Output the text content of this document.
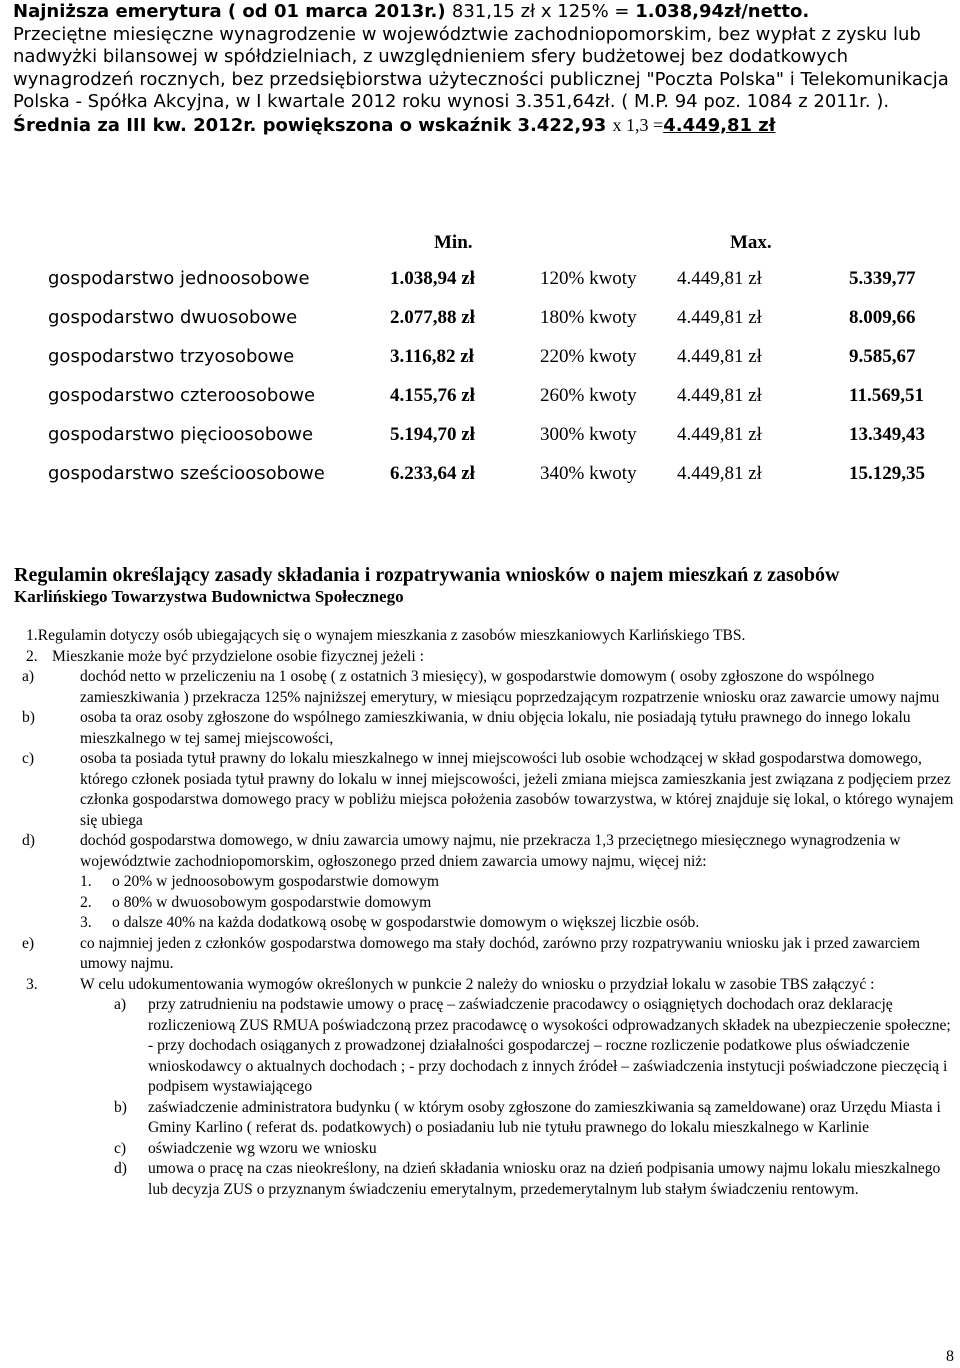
Najniższa emerytura ( od 01 marca 2013r.) 831,15 zł x 125% = 1.038,94zł/netto.
Przeciętne miesięczne wynagrodzenie w województwie zachodniopomorskim, bez wypłat z zysku lub
nadwyżki bilansowej w spółdzielniach, z uwzględnieniem sfery budżetowej bez dodatkowych
wynagrodzeń rocznych, bez przedsiębiorstwa użyteczności publicznej "Poczta Polska" i Telekomunikacja
Polska - Spółka Akcyjna, w I kwartale 2012 roku wynosi 3.351,64zł. ( M.P. 94 poz. 1084 z 2011r. ).
Średnia za III kw. 2012r. powiększona o wskaźnik 3.422,93 x 1,3 =4.449,81 zł
Min.	Max.
gospodarstwo jednoosobowe	1.038,94 zł	120% kwoty 4.449,81 zł	5.339,77
gospodarstwo dwuosobowe	2.077,88 zł	180% kwoty 4.449,81 zł	8.009,66
gospodarstwo trzyosobowe	3.116,82 zł	220% kwoty 4.449,81 zł	9.585,67
gospodarstwo czteroosobowe	4.155,76 zł	260% kwoty 4.449,81 zł	11.569,51
gospodarstwo pięcioosobowe	5.194,70 zł	300% kwoty 4.449,81 zł	13.349,43
gospodarstwo sześcioosobowe	6.233,64 zł	340% kwoty 4.449,81 zł	15.129,35
Regulamin określający zasady składania i rozpatrywania wniosków o najem mieszkań z zasobów
Karlińskiego Towarzystwa Budownictwa Społecznego
1.Regulamin dotyczy osób ubiegających się o wynajem mieszkania z zasobów mieszkaniowych Karlińskiego TBS.
2. Mieszkanie może być przydzielone osobie fizycznej jeżeli :
a)	dochód netto w przeliczeniu na 1 osobę ( z ostatnich 3 miesięcy), w gospodarstwie domowym ( osoby zgłoszone do wspólnego zamieszkiwania ) przekracza 125% najniższej emerytury, w miesiącu poprzedzającym rozpatrzenie wniosku oraz zawarcie umowy najmu
b)	osoba ta oraz osoby zgłoszone do wspólnego zamieszkiwania, w dniu objęcia lokalu, nie posiadają tytułu prawnego do innego lokalu mieszkalnego w tej samej miejscowości,
c)	osoba ta posiada tytuł prawny do lokalu mieszkalnego w innej miejscowości lub osobie wchodzącej w skład gospodarstwa domowego, którego członek posiada tytuł prawny do lokalu w innej miejscowości, jeżeli zmiana miejsca zamieszkania jest związana z podjęciem przez członka gospodarstwa domowego pracy w pobliżu miejsca położenia zasobów towarzystwa, w której znajduje się lokal, o którego wynajem się ubiega
d)	dochód gospodarstwa domowego, w dniu zawarcia umowy najmu, nie przekracza 1,3 przeciętnego miesięcznego wynagrodzenia w województwie zachodniopomorskim, ogłoszonego przed dniem zawarcia umowy najmu, więcej niż:
1. o 20% w jednoosobowym gospodarstwie domowym
2. o 80% w dwuosobowym gospodarstwie domowym
3. o dalsze 40% na każda dodatkową osobę w gospodarstwie domowym o większej liczbie osób.
e)	co najmniej jeden z członków gospodarstwa domowego ma stały dochód, zarówno przy rozpatrywaniu wniosku jak i przed zawarciem umowy najmu.
3.	W celu udokumentowania wymogów określonych w punkcie 2 należy do wniosku o przydział lokalu w zasobie TBS załączyć :
a) przy zatrudnieniu na podstawie umowy o pracę – zaświadczenie pracodawcy o osiągniętych dochodach oraz deklarację rozliczeniową ZUS RMUA poświadczoną przez pracodawcę o wysokości odprowadzanych składek na ubezpieczenie społeczne; - przy dochodach osiąganych z prowadzonej działalności gospodarczej – roczne rozliczenie podatkowe plus oświadczenie wnioskodawcy o aktualnych dochodach ; - przy dochodach z innych źródeł – zaświadczenia instytucji poświadczone pieczęcią i podpisem wystawiającego
b) zaświadczenie administratora budynku ( w którym osoby zgłoszone do zamieszkiwania są zameldowane) oraz Urzędu Miasta i Gminy Karlino ( referat ds. podatkowych) o posiadaniu lub nie tytułu prawnego do lokalu mieszkalnego w Karlinie
c) oświadczenie wg wzoru we wniosku
d) umowa o pracę na czas nieokreślony, na dzień składania wniosku oraz na dzień podpisania umowy najmu lokalu mieszkalnego lub decyzja ZUS o przyznanym świadczeniu emerytalnym, przedemerytalnym lub stałym świadczeniu rentowym.
8
